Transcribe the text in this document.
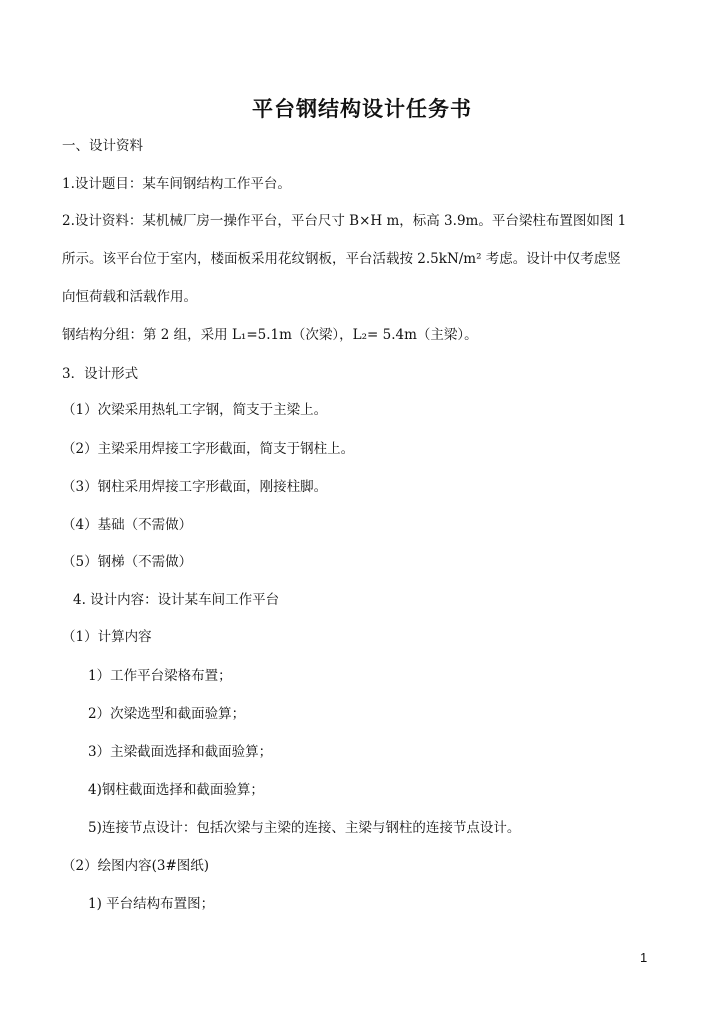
平台钢结构设计任务书
一、设计资料
1.设计题目：某车间钢结构工作平台。
2.设计资料：某机械厂房一操作平台，平台尺寸 B×H m，标高 3.9m。平台梁柱布置图如图 1
所示。该平台位于室内，楼面板采用花纹钢板，平台活载按 2.5kN/m² 考虑。设计中仅考虑竖
向恒荷载和活载作用。
钢结构分组：第 2 组，采用 L₁=5.1m（次梁），L₂= 5.4m（主梁）。
3．设计形式
（1）次梁采用热轧工字钢，简支于主梁上。
（2）主梁采用焊接工字形截面，简支于钢柱上。
（3）钢柱采用焊接工字形截面，刚接柱脚。
（4）基础（不需做）
（5）钢梯（不需做）
4. 设计内容：设计某车间工作平台
（1）计算内容
1）工作平台梁格布置；
2）次梁选型和截面验算；
3）主梁截面选择和截面验算；
4)钢柱截面选择和截面验算；
5)连接节点设计：包括次梁与主梁的连接、主梁与钢柱的连接节点设计。
（2）绘图内容(3#图纸)
1) 平台结构布置图；
1
